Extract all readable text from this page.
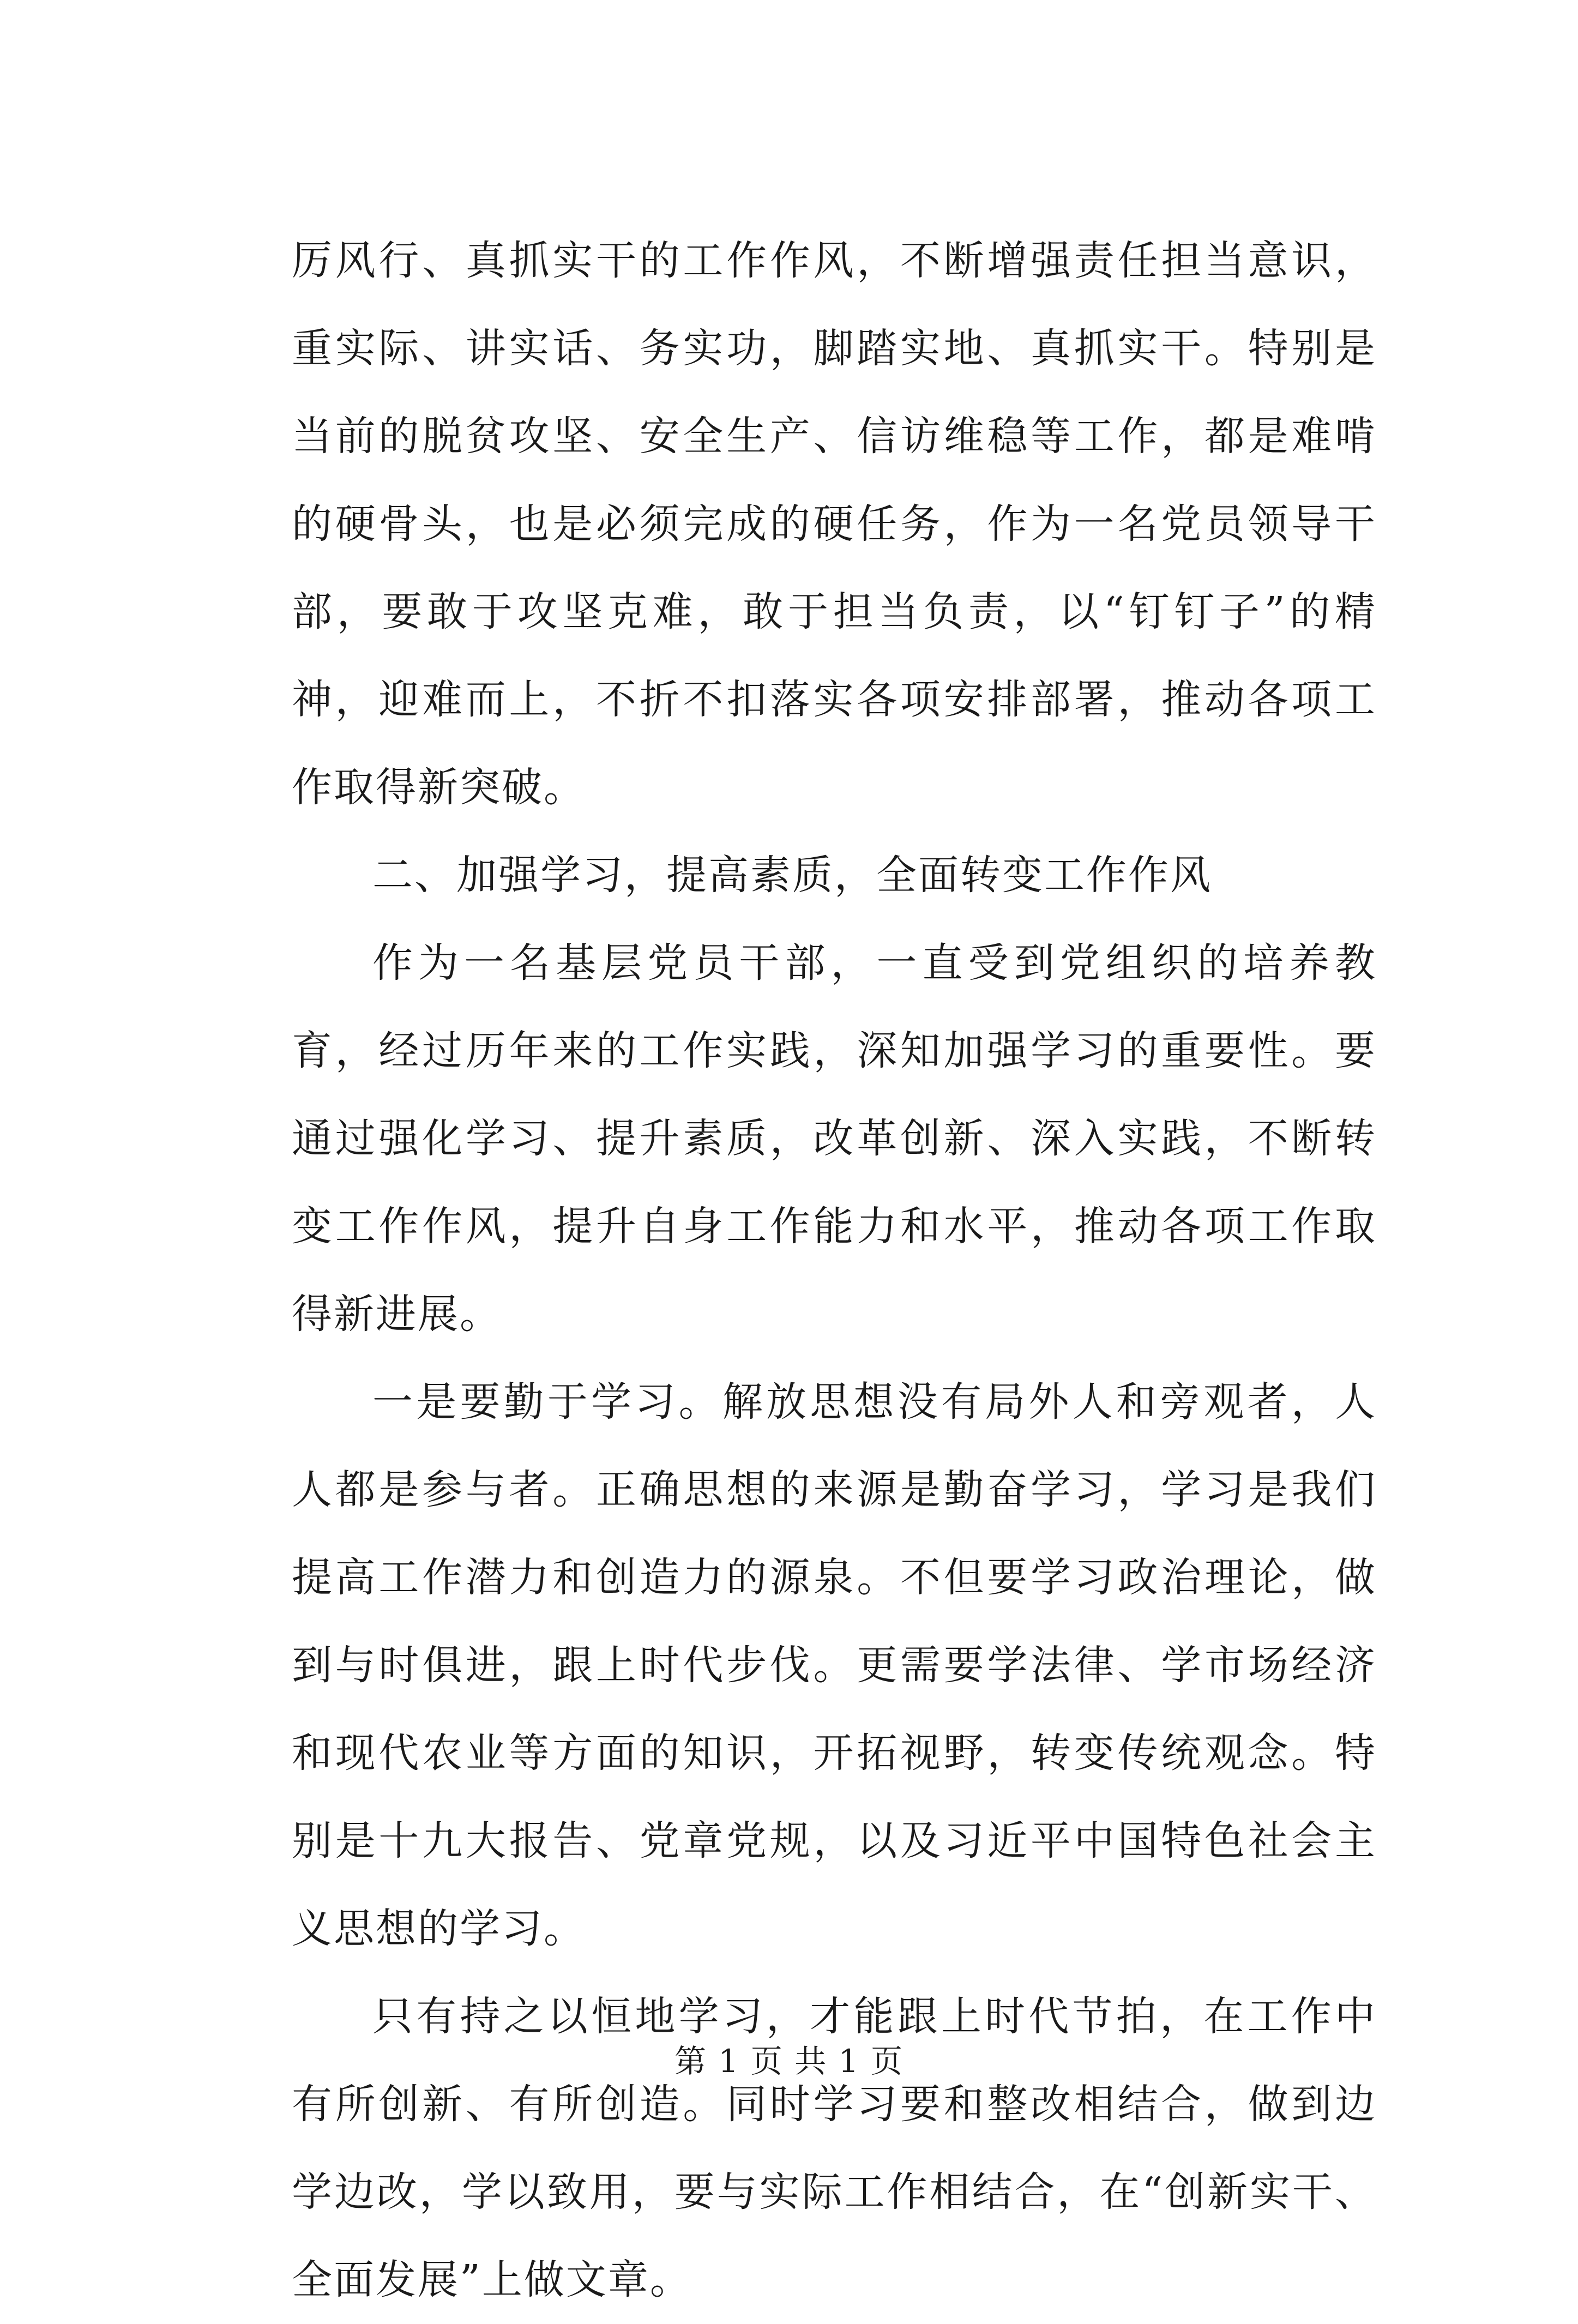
厉风行、真抓实干的工作作风，不断增强责任担当意识，重实际、讲实话、务实功，脚踏实地、真抓实干。特别是当前的脱贫攻坚、安全生产、信访维稳等工作，都是难啃的硬骨头，也是必须完成的硬任务，作为一名党员领导干部，要敢于攻坚克难，敢于担当负责，以“钉钉子”的精神，迎难而上，不折不扣落实各项安排部署，推动各项工作取得新突破。

二、加强学习，提高素质，全面转变工作作风

作为一名基层党员干部，一直受到党组织的培养教育，经过历年来的工作实践，深知加强学习的重要性。要通过强化学习、提升素质，改革创新、深入实践，不断转变工作作风，提升自身工作能力和水平，推动各项工作取得新进展。

一是要勤于学习。解放思想没有局外人和旁观者，人人都是参与者。正确思想的来源是勤奋学习，学习是我们提高工作潜力和创造力的源泉。不但要学习政治理论，做到与时俱进，跟上时代步伐。更需要学法律、学市场经济和现代农业等方面的知识，开拓视野，转变传统观念。特别是十九大报告、党章党规，以及习近平中国特色社会主义思想的学习。

只有持之以恒地学习，才能跟上时代节拍，在工作中有所创新、有所创造。同时学习要和整改相结合，做到边学边改，学以致用，要与实际工作相结合，在“创新实干、全面发展”上做文章。

第 1 页 共 1 页
